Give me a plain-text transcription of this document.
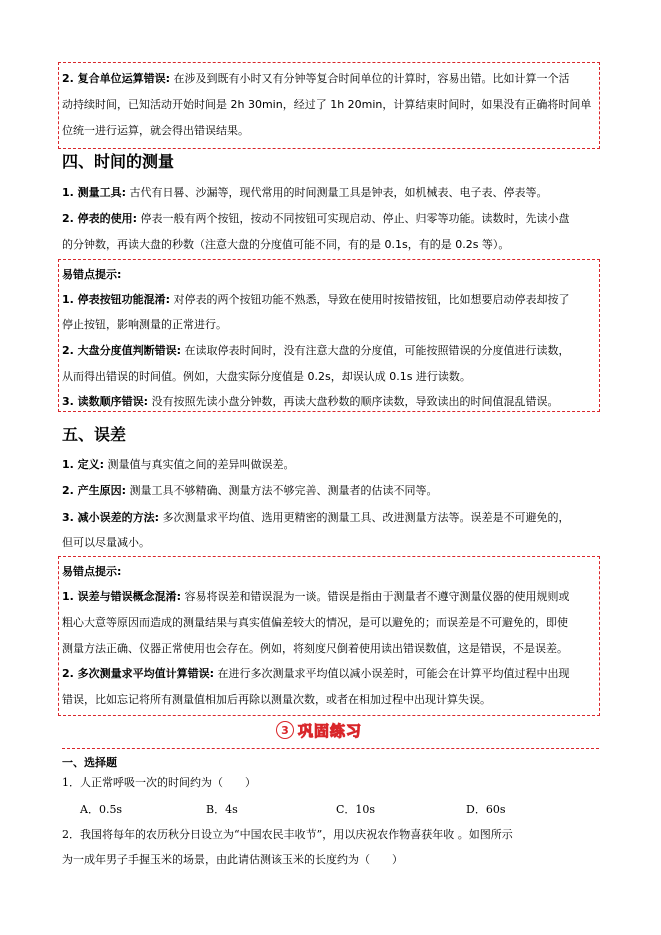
2. 复合单位运算错误: 在涉及到既有小时又有分钟等复合时间单位的计算时，容易出错。比如计算一个活
动持续时间，已知活动开始时间是 2h 30min，经过了 1h 20min，计算结束时间时，如果没有正确将时间单
位统一进行运算，就会得出错误结果。
四、时间的测量
1. 测量工具: 古代有日晷、沙漏等，现代常用的时间测量工具是钟表，如机械表、电子表、停表等。
2. 停表的使用: 停表一般有两个按钮，按动不同按钮可实现启动、停止、归零等功能。读数时，先读小盘
的分钟数，再读大盘的秒数（注意大盘的分度值可能不同，有的是 0.1s，有的是 0.2s 等）。
易错点提示:
1. 停表按钮功能混淆: 对停表的两个按钮功能不熟悉，导致在使用时按错按钮，比如想要启动停表却按了
停止按钮，影响测量的正常进行。
2. 大盘分度值判断错误: 在读取停表时间时，没有注意大盘的分度值，可能按照错误的分度值进行读数，
从而得出错误的时间值。例如，大盘实际分度值是 0.2s，却误认成 0.1s 进行读数。
3. 读数顺序错误: 没有按照先读小盘分钟数，再读大盘秒数的顺序读数，导致读出的时间值混乱错误。
五、误差
1. 定义: 测量值与真实值之间的差异叫做误差。
2. 产生原因: 测量工具不够精确、测量方法不够完善、测量者的估读不同等。
3. 减小误差的方法: 多次测量求平均值、选用更精密的测量工具、改进测量方法等。误差是不可避免的，
但可以尽量减小。
易错点提示:
1. 误差与错误概念混淆: 容易将误差和错误混为一谈。错误是指由于测量者不遵守测量仪器的使用规则或
粗心大意等原因而造成的测量结果与真实值偏差较大的情况，是可以避免的；而误差是不可避免的，即使
测量方法正确、仪器正常使用也会存在。例如，将刻度尺倒着使用读出错误数值，这是错误，不是误差。
2. 多次测量求平均值计算错误: 在进行多次测量求平均值以减小误差时，可能会在计算平均值过程中出现
错误，比如忘记将所有测量值相加后再除以测量次数，或者在相加过程中出现计算失误。
3 巩固练习
一、选择题
1．人正常呼吸一次的时间约为（　　）
A．0.5s	B．4s	C．10s	D．60s
2．我国将每年的农历秋分日设立为“中国农民丰收节”，用以庆祝农作物喜获年收 。如图所示
为一成年男子手握玉米的场景，由此请估测该玉米的长度约为（　　）
